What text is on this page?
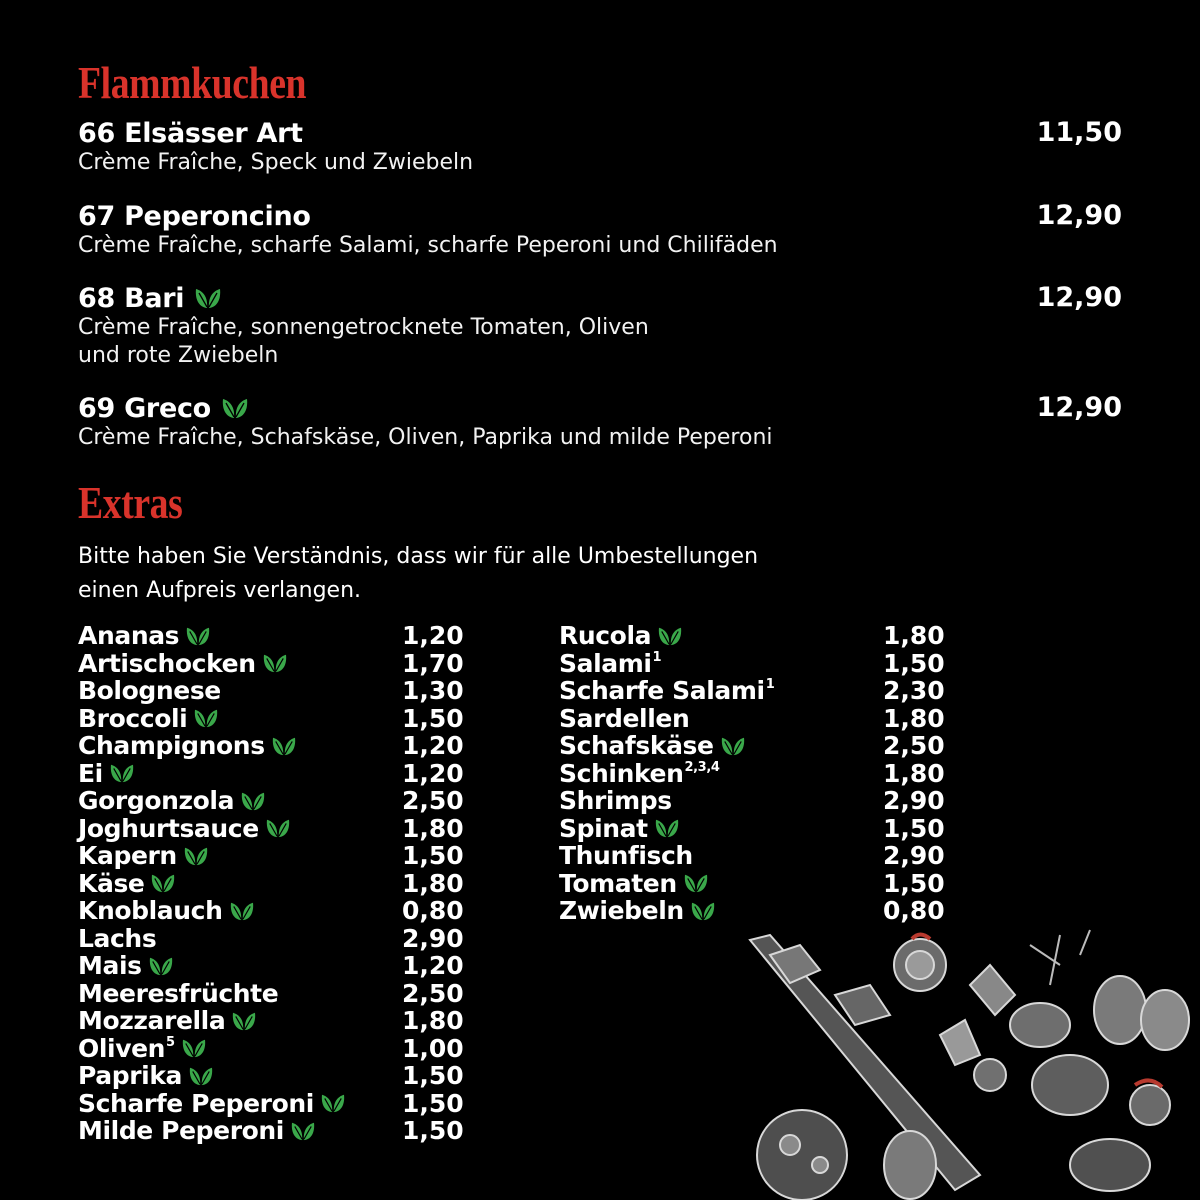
Flammkuchen
66 Elsässer Art	11,50
Crème Fraîche, Speck und Zwiebeln
67 Peperoncino	12,90
Crème Fraîche, scharfe Salami, scharfe Peperoni und Chilifäden
68 Bari	12,90
Crème Fraîche, sonnengetrocknete Tomaten, Oliven
und rote Zwiebeln
69 Greco	12,90
Crème Fraîche, Schafskäse, Oliven, Paprika und milde Peperoni
Extras
Bitte haben Sie Verständnis, dass wir für alle Umbestellungen
einen Aufpreis verlangen.
Ananas	1,20
Artischocken	1,70
Bolognese	1,30
Broccoli	1,50
Champignons	1,20
Ei	1,20
Gorgonzola	2,50
Joghurtsauce	1,80
Kapern	1,50
Käse	1,80
Knoblauch	0,80
Lachs	2,90
Mais	1,20
Meeresfrüchte	2,50
Mozzarella	1,80
Oliven$^5$	1,00
Paprika	1,50
Scharfe Peperoni	1,50
Milde Peperoni	1,50
Rucola	1,80
Salami$^1$	1,50
Scharfe Salami$^1$	2,30
Sardellen	1,80
Schafskäse	2,50
Schinken$^{2,3,4}$	1,80
Shrimps	2,90
Spinat	1,50
Thunfisch	2,90
Tomaten	1,50
Zwiebeln	0,80
